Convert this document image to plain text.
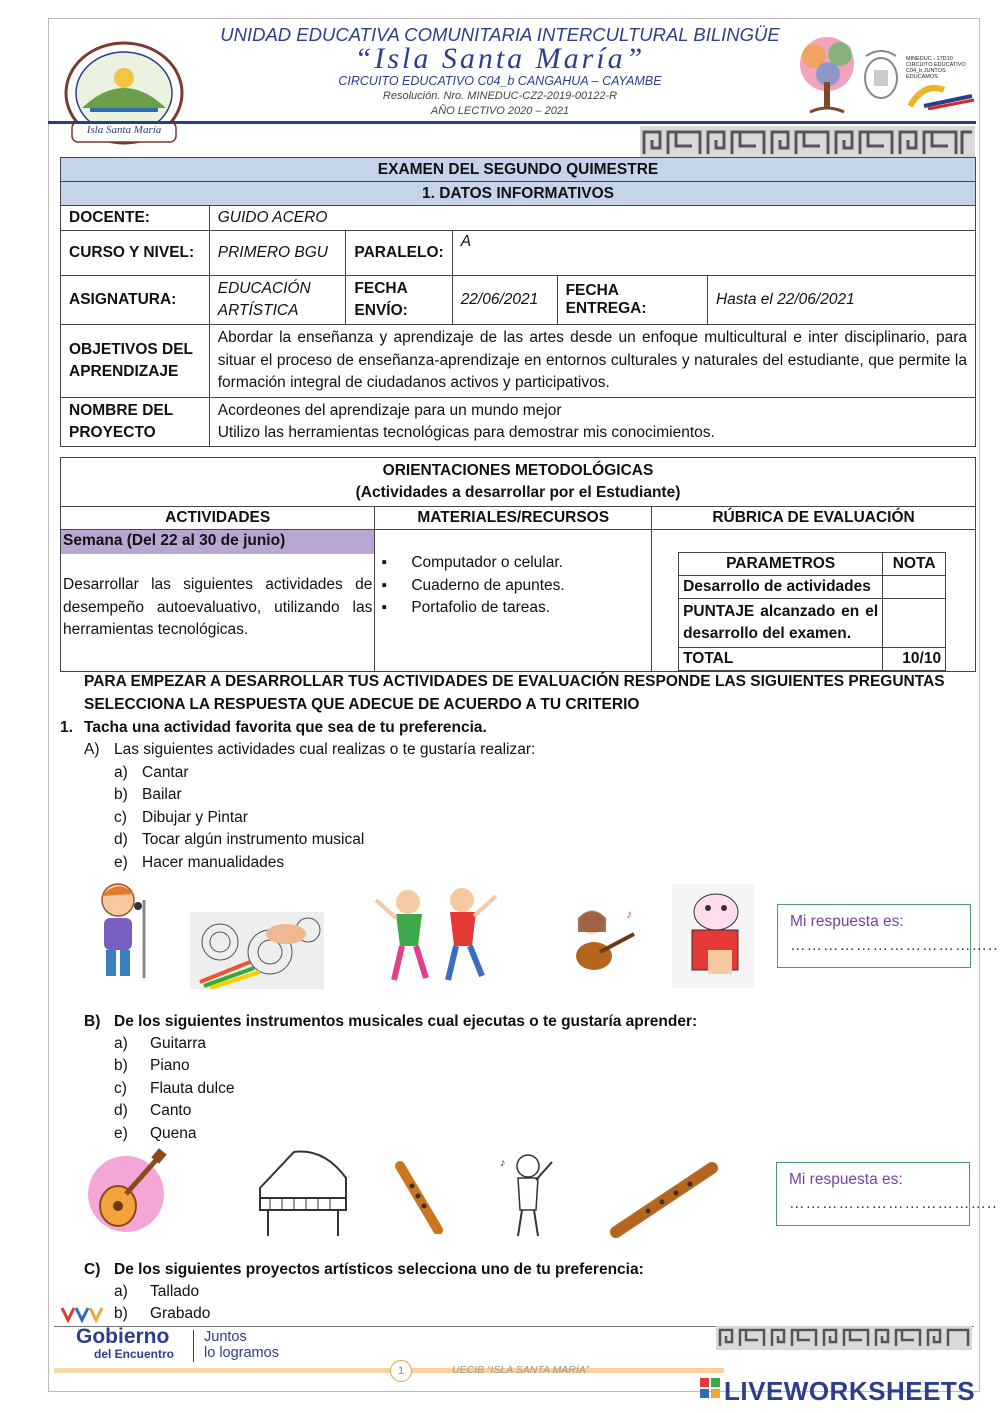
Isla Santa María
UNIDAD EDUCATIVA COMUNITARIA INTERCULTURAL BILINGÜE
“Isla Santa María”
CIRCUITO EDUCATIVO C04_b CANGAHUA – CAYAMBE
Resolución. Nro. MINEDUC-CZ2-2019-00122-R
AÑO LECTIVO 2020 – 2021
MINEDUC - 17D10 CIRCUITO EDUCATIVO C04_b JUNTOS EDUCAMOS
EXAMEN DEL SEGUNDO QUIMESTRE					
1. DATOS INFORMATIVOS					
DOCENTE:	GUIDO ACERO				
CURSO Y NIVEL:	PRIMERO BGU	PARALELO:	A		
ASIGNATURA:	EDUCACIÓN ARTÍSTICA	FECHA ENVÍO:	22/06/2021	FECHA ENTREGA:	Hasta el 22/06/2021
OBJETIVOS DEL APRENDIZAJE	Abordar la enseñanza y aprendizaje de las artes desde un enfoque multicultural e inter disciplinario, para situar el proceso de enseñanza-aprendizaje en entornos culturales y naturales del estudiante, que permite la formación integral de ciudadanos activos y participativos.				
NOMBRE DEL PROYECTO	Acordeones del aprendizaje para un mundo mejor
Utilizo las herramientas tecnológicas para demostrar mis conocimientos.				
ORIENTACIONES METODOLÓGICAS
(Actividades a desarrollar por el Estudiante)

ACTIVIDADES	MATERIALES/RECURSOS	RÚBRICA DE EVALUACIÓN

Semana (Del 22 al 30 de junio)
Desarrollar las siguientes actividades de desempeño autoevaluativo, utilizando las herramientas tecnológicas.

▪ Computador o celular.
▪ Cuaderno de apuntes.
▪ Portafolio de tareas.

PARAMETROS	NOTA
Desarrollo de actividades	
PUNTAJE alcanzado en el desarrollo del examen.	
TOTAL	10/10
PARA EMPEZAR A DESARROLLAR TUS ACTIVIDADES DE EVALUACIÓN RESPONDE LAS SIGUIENTES PREGUNTAS
SELECCIONA LA RESPUESTA QUE ADECUE DE ACUERDO A TU CRITERIO
1. Tacha una actividad favorita que sea de tu preferencia.
A) Las siguientes actividades cual realizas o te gustaría realizar:
a) Cantar
b) Bailar
c) Dibujar y Pintar
d) Tocar algún instrumento musical
e) Hacer manualidades
♪	Mi respuesta es:
………………………………..
B) De los siguientes instrumentos musicales cual ejecutas o te gustaría aprender:
a) Guitarra
b) Piano
c) Flauta dulce
d) Canto
e) Quena
♪
Mi respuesta es:
………………………………..
C) De los siguientes proyectos artísticos selecciona uno de tu preferencia:
a) Tallado
b) Grabado
Gobierno
del Encuentro
Juntos
lo logramos
1	UECIB “ISLA SANTA MARÍA”
LIVEWORKSHEETS
